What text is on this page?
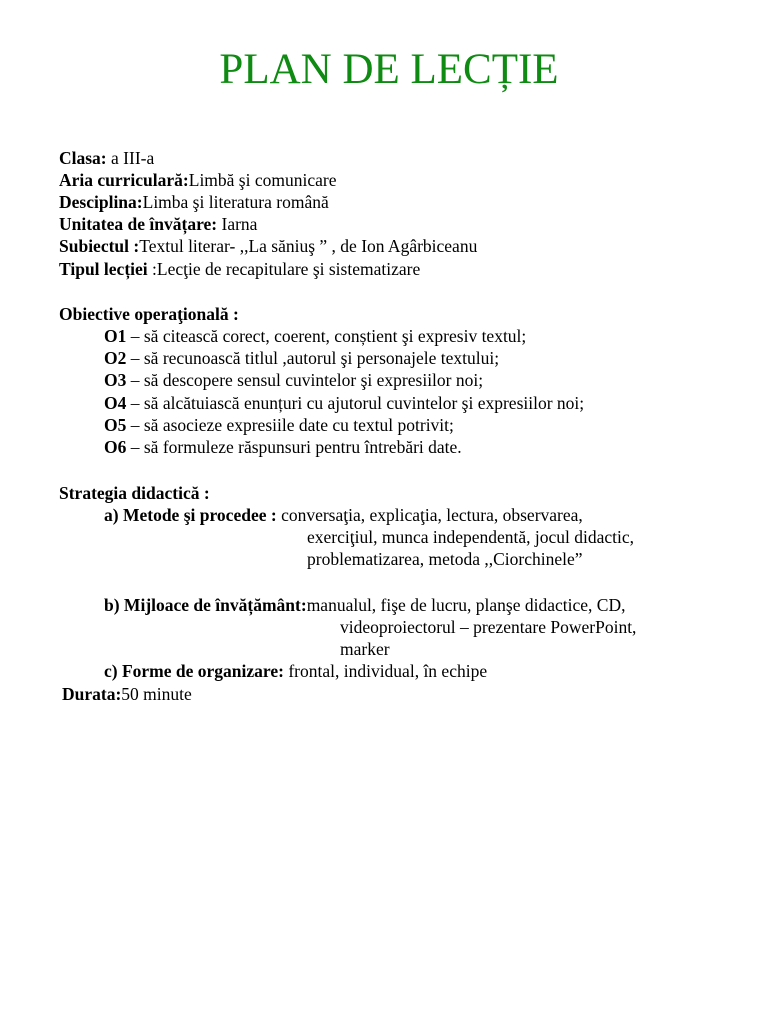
PLAN DE LECȚIE
Clasa: a III-a
Aria curriculară:Limbă şi comunicare
Desciplina:Limba şi literatura română
Unitatea de învățare: Iarna
Subiectul :Textul literar- ,,La săniuş ” , de Ion Agârbiceanu
Tipul lecției :Lecţie de recapitulare şi sistematizare
Obiective operaţională :
O1 – să citească corect, coerent, conștient şi expresiv textul;
O2 – să recunoască titlul ,autorul şi personajele textului;
O3 – să descopere sensul cuvintelor şi expresiilor noi;
O4 – să alcătuiască enunțuri cu ajutorul cuvintelor şi expresiilor noi;
O5 – să asocieze expresiile date cu textul potrivit;
O6 – să formuleze răspunsuri pentru întrebări date.
Strategia didactică :
a) Metode şi procedee : conversaţia, explicaţia, lectura, observarea,
exerciţiul, munca independentă, jocul didactic,
problematizarea, metoda ,,Ciorchinele”
b) Mijloace de învățământ:manualul, fişe de lucru, planşe didactice, CD,
videoproiectorul – prezentare PowerPoint,
marker
c) Forme de organizare: frontal, individual, în echipe
Durata:50 minute
